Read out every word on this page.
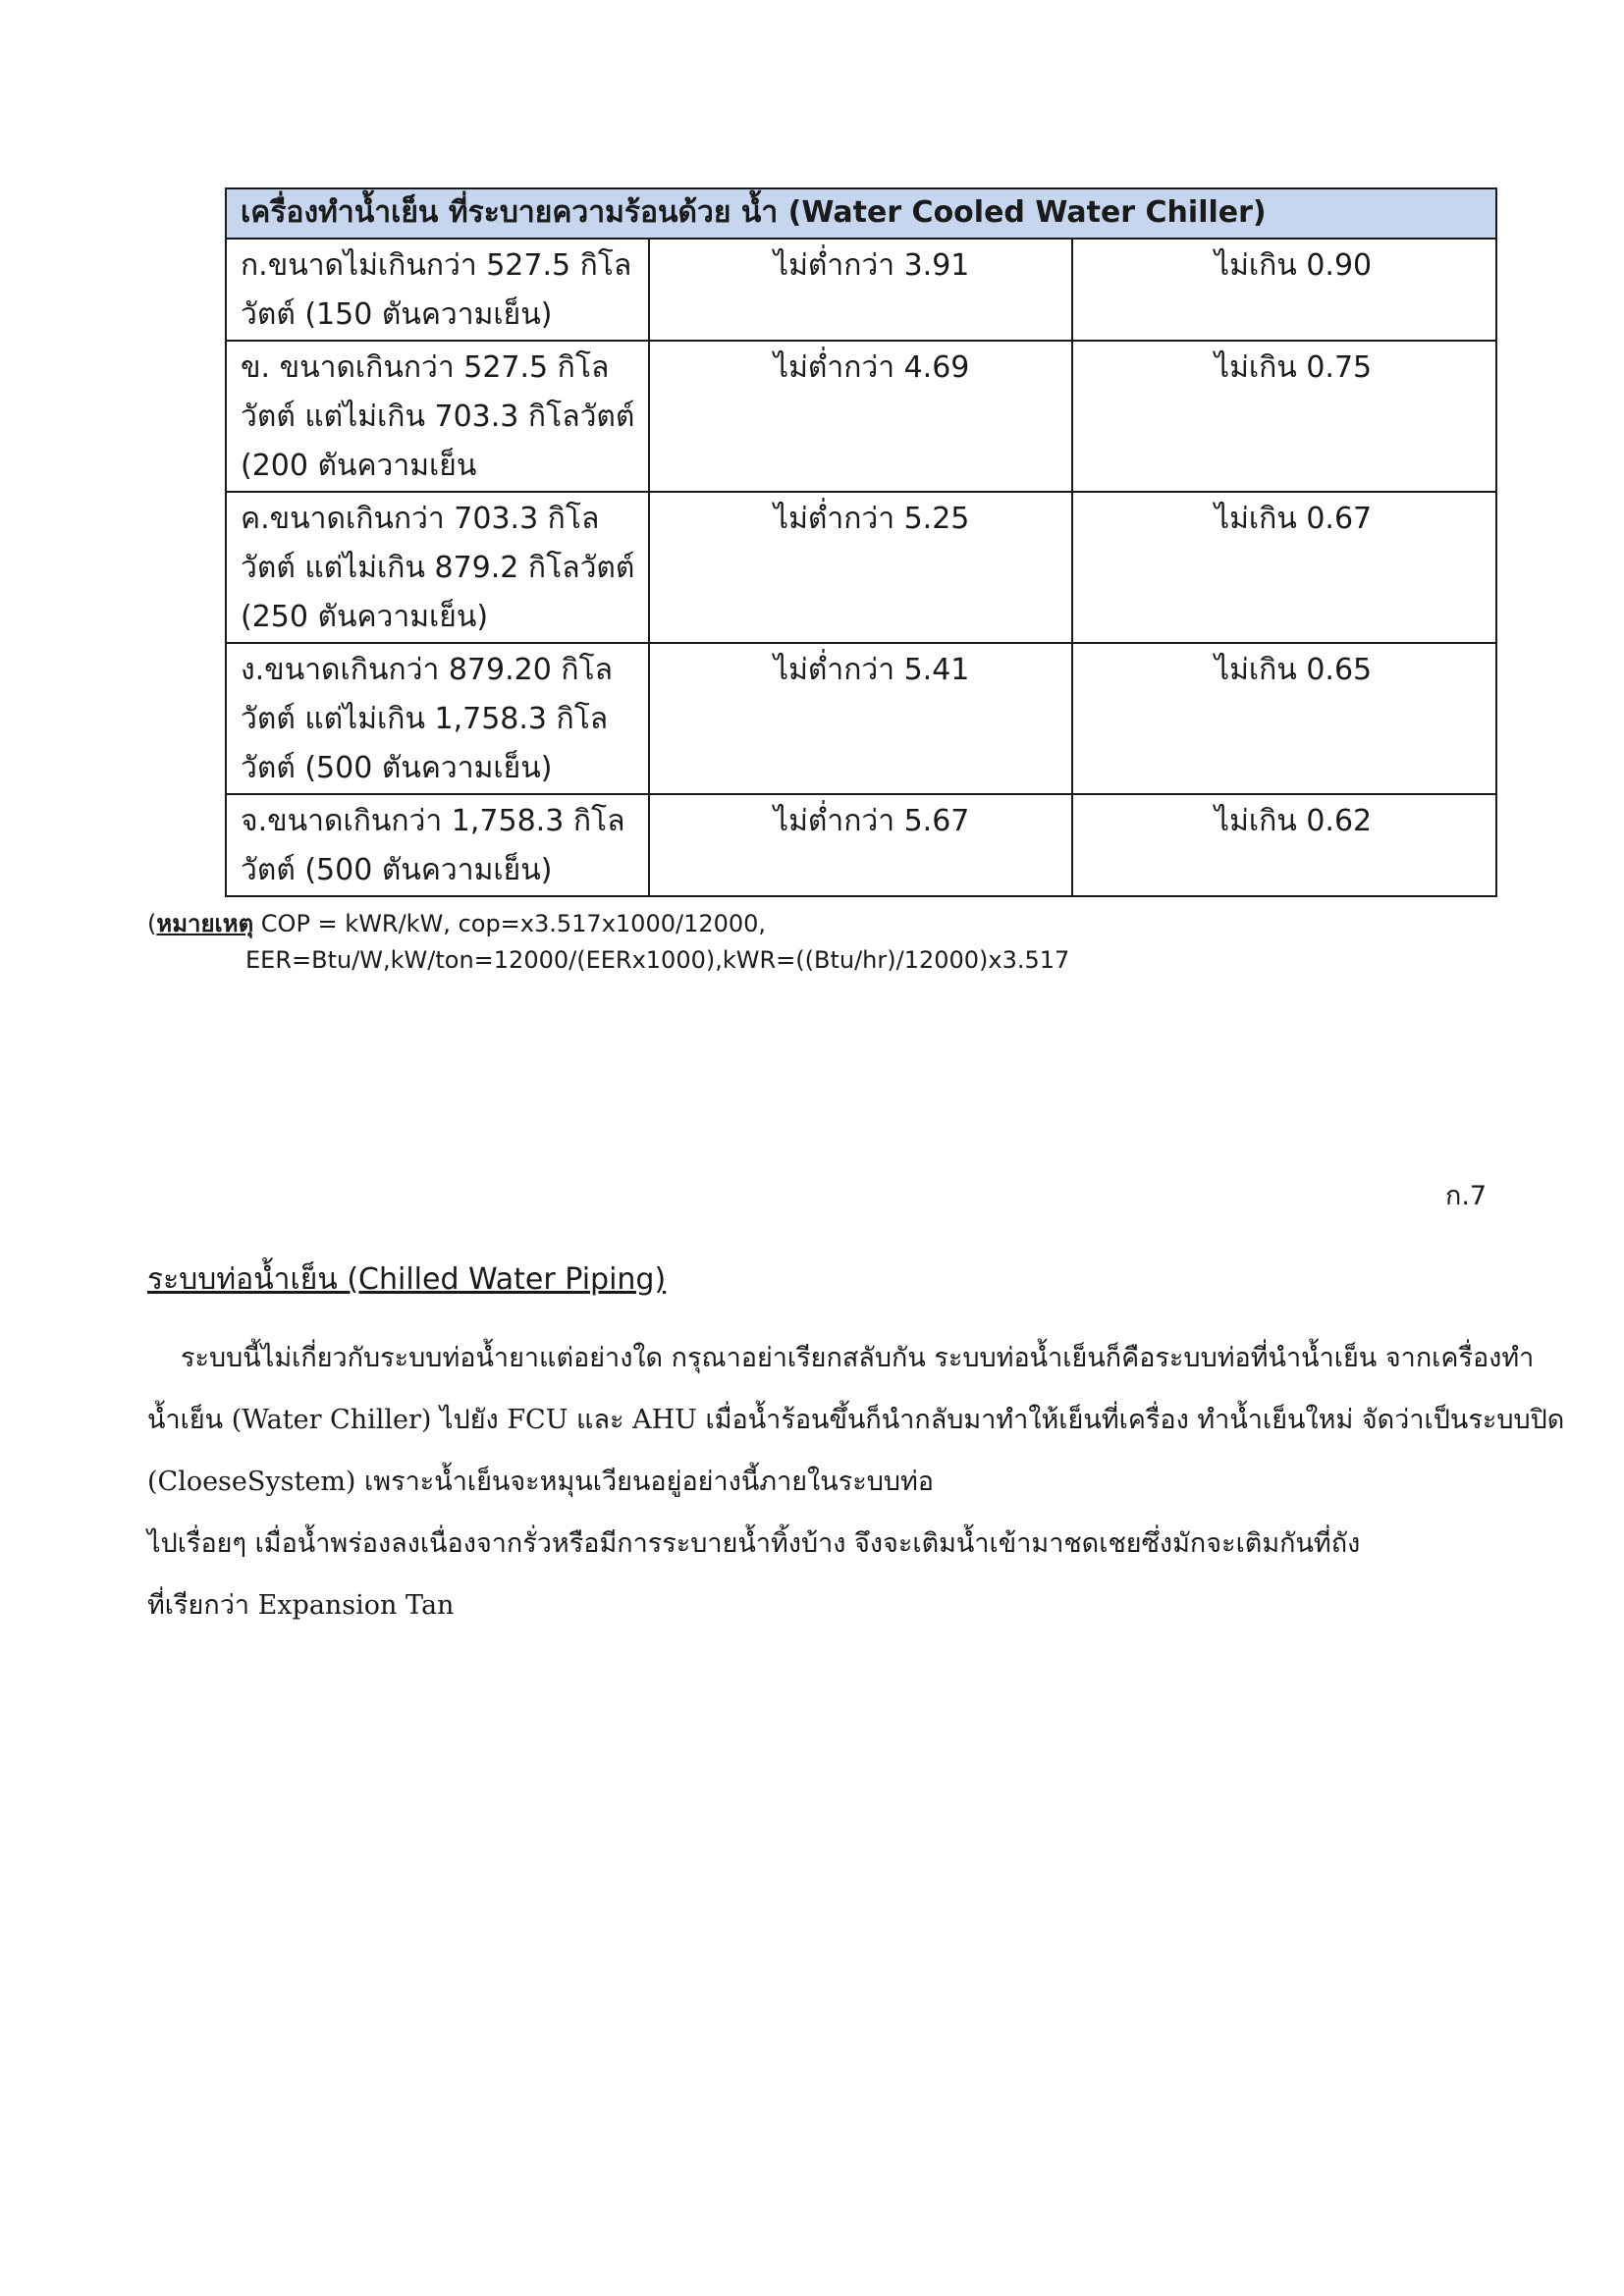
เครื่องทำน้ำเย็น ที่ระบายความร้อนด้วย น้ำ (Water Cooled Water Chiller)		
ก.ขนาดไม่เกินกว่า 527.5 กิโลวัตต์ (150 ตันความเย็น)	ไม่ต่ำกว่า 3.91	ไม่เกิน 0.90
ข. ขนาดเกินกว่า 527.5 กิโลวัตต์ แต่ไม่เกิน 703.3 กิโลวัตต์ (200 ตันความเย็น	ไม่ต่ำกว่า 4.69	ไม่เกิน 0.75
ค.ขนาดเกินกว่า 703.3 กิโลวัตต์ แต่ไม่เกิน 879.2 กิโลวัตต์ (250 ตันความเย็น)	ไม่ต่ำกว่า 5.25	ไม่เกิน 0.67
ง.ขนาดเกินกว่า 879.20 กิโลวัตต์ แต่ไม่เกิน 1,758.3 กิโลวัตต์ (500 ตันความเย็น)	ไม่ต่ำกว่า 5.41	ไม่เกิน 0.65
จ.ขนาดเกินกว่า 1,758.3 กิโลวัตต์ (500 ตันความเย็น)	ไม่ต่ำกว่า 5.67	ไม่เกิน 0.62
(หมายเหตุ COP = kWR/kW, cop=x3.517x1000/12000,
EER=Btu/W,kW/ton=12000/(EERx1000),kWR=((Btu/hr)/12000)x3.517
ก.7
ระบบท่อน้ำเย็น (Chilled Water Piping)
ระบบนี้ไม่เกี่ยวกับระบบท่อน้ำยาแต่อย่างใด กรุณาอย่าเรียกสลับกัน ระบบท่อน้ำเย็นก็คือระบบท่อที่นำน้ำเย็น จากเครื่องทำ
น้ำเย็น (Water Chiller) ไปยัง FCU และ AHU เมื่อน้ำร้อนขึ้นก็นำกลับมาทำให้เย็นที่เครื่อง ทำน้ำเย็นใหม่ จัดว่าเป็นระบบปิด
(CloeseSystem) เพราะน้ำเย็นจะหมุนเวียนอยู่อย่างนี้ภายในระบบท่อ
ไปเรื่อยๆ เมื่อน้ำพร่องลงเนื่องจากรั่วหรือมีการระบายน้ำทิ้งบ้าง จึงจะเติมน้ำเข้ามาชดเชยซึ่งมักจะเติมกันที่ถัง
ที่เรียกว่า Expansion Tan
